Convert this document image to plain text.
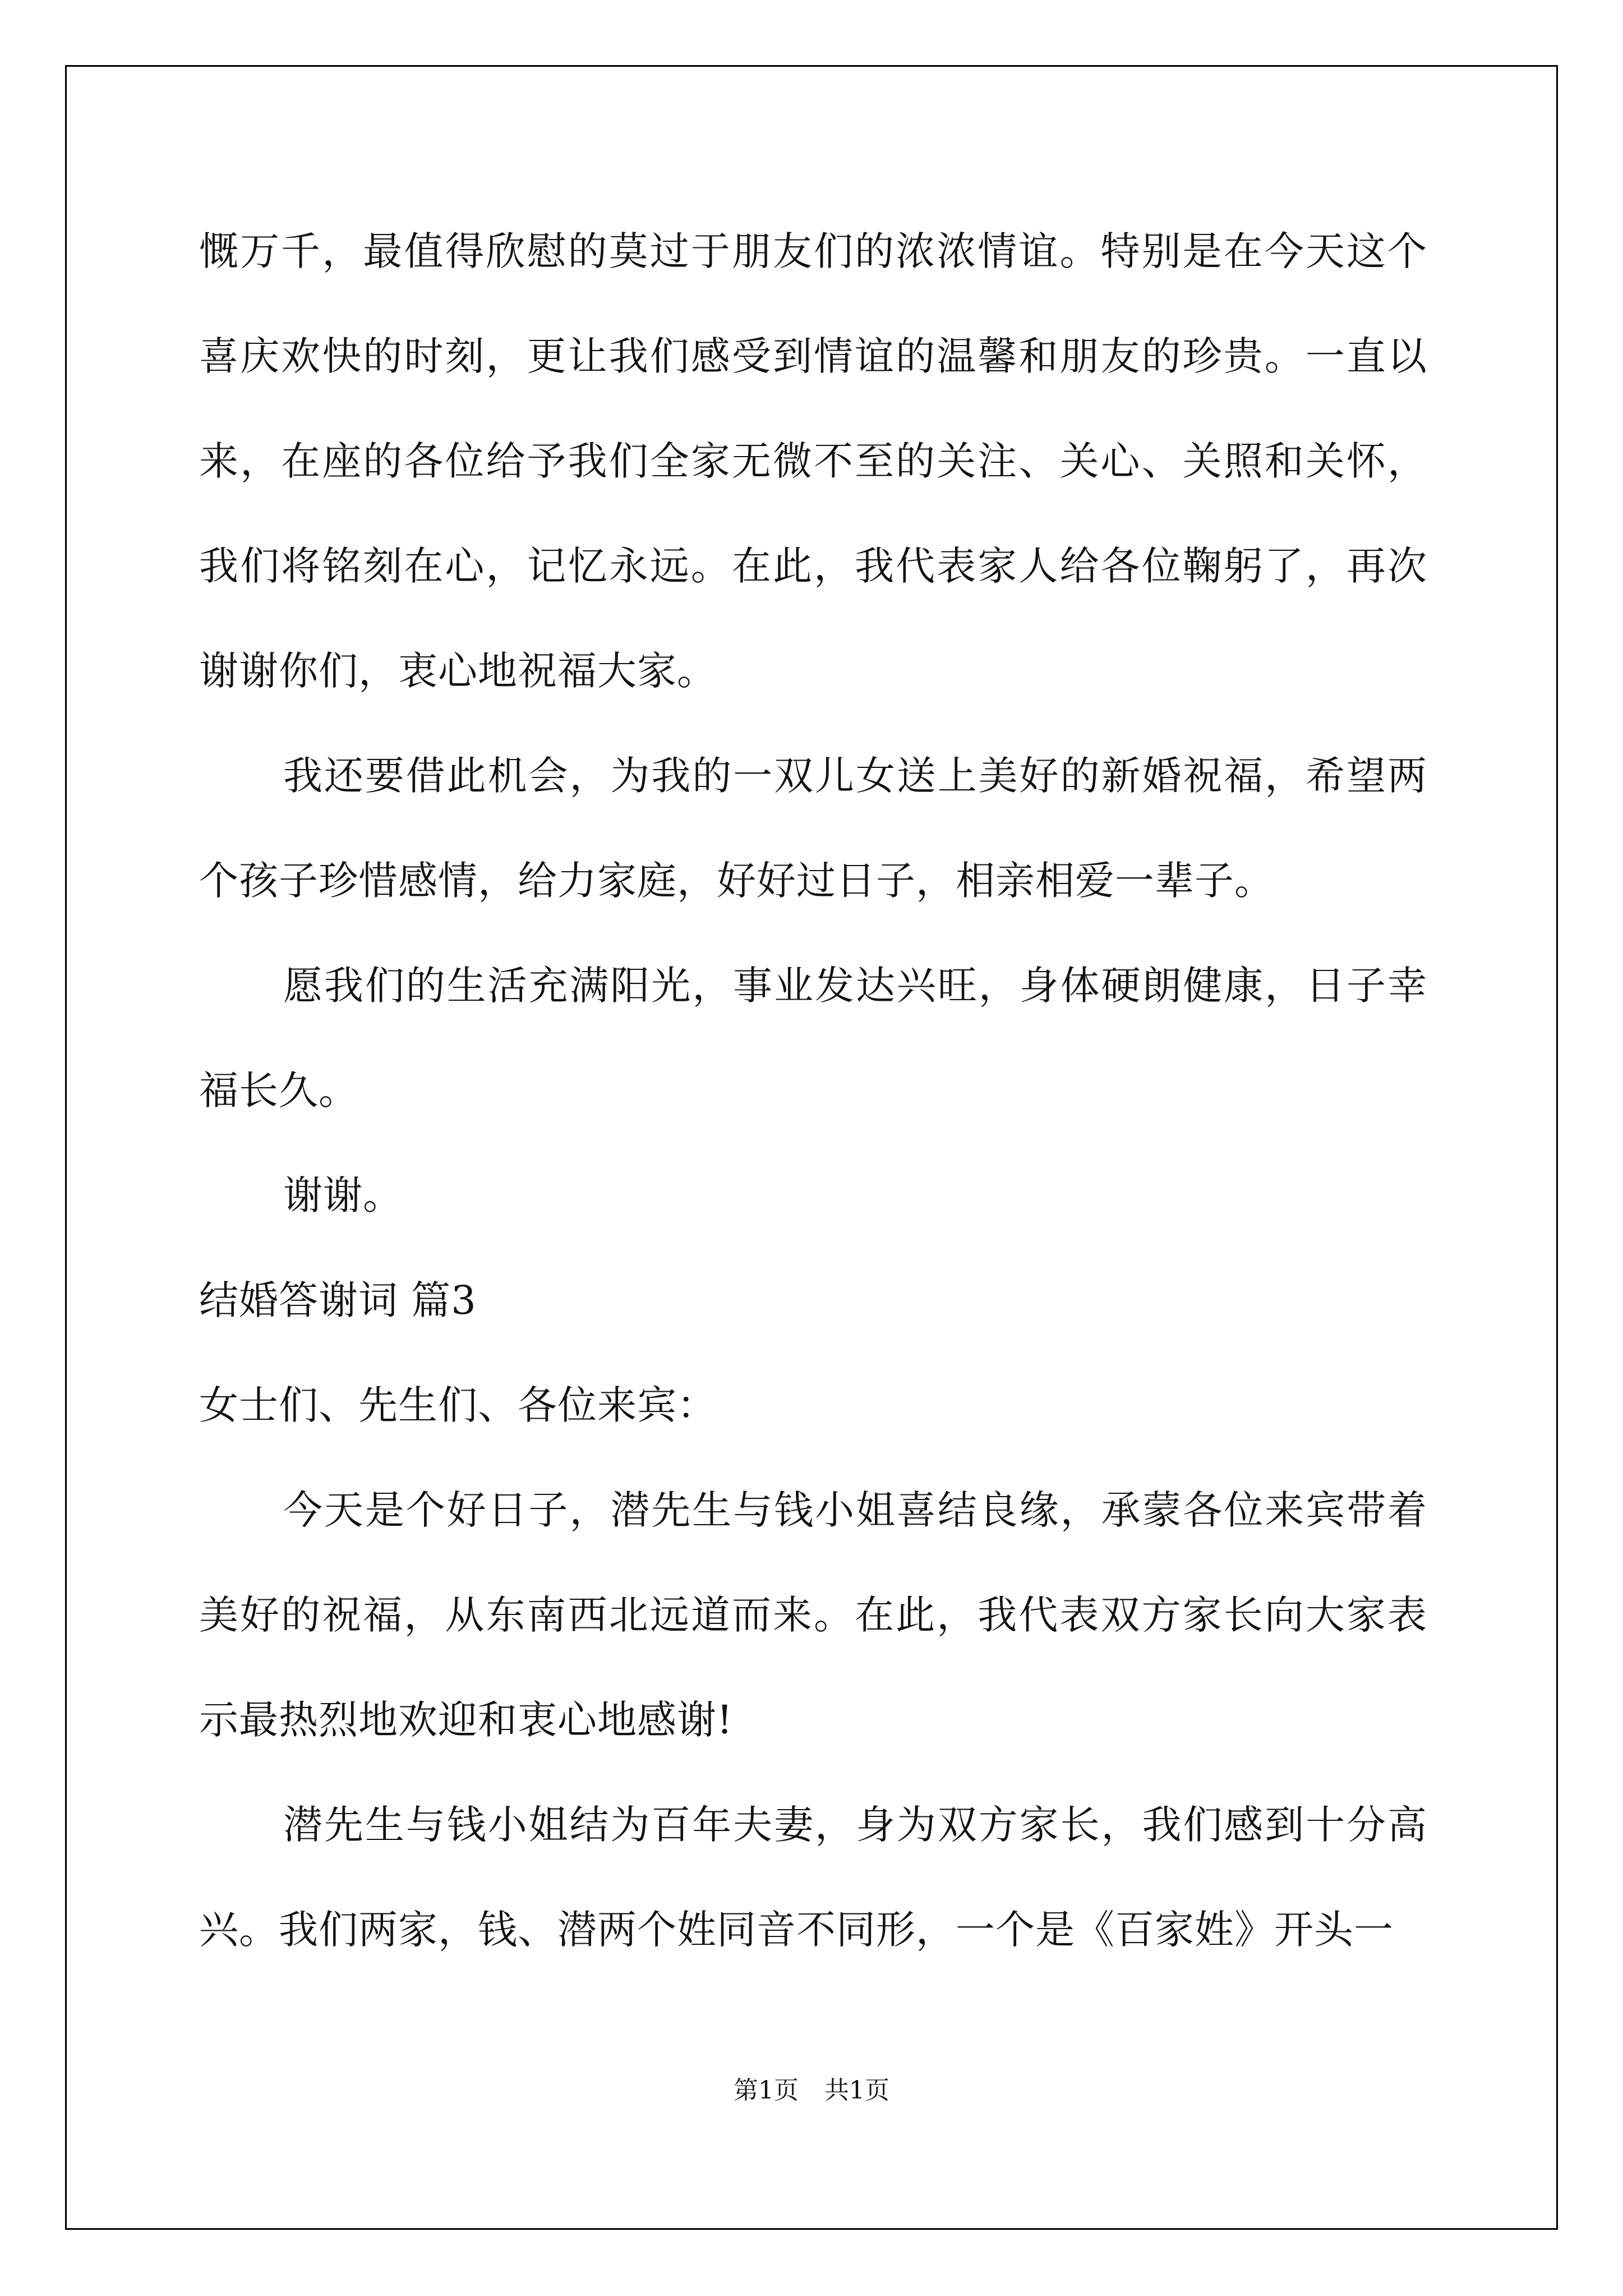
慨万千，最值得欣慰的莫过于朋友们的浓浓情谊。特别是在今天这个喜庆欢快的时刻，更让我们感受到情谊的温馨和朋友的珍贵。一直以来，在座的各位给予我们全家无微不至的关注、关心、关照和关怀，我们将铭刻在心，记忆永远。在此，我代表家人给各位鞠躬了，再次谢谢你们，衷心地祝福大家。

我还要借此机会，为我的一双儿女送上美好的新婚祝福，希望两个孩子珍惜感情，给力家庭，好好过日子，相亲相爱一辈子。

愿我们的生活充满阳光，事业发达兴旺，身体硬朗健康，日子幸福长久。

谢谢。

结婚答谢词 篇3

女士们、先生们、各位来宾：

今天是个好日子，潜先生与钱小姐喜结良缘，承蒙各位来宾带着美好的祝福，从东南西北远道而来。在此，我代表双方家长向大家表示最热烈地欢迎和衷心地感谢!

潜先生与钱小姐结为百年夫妻，身为双方家长，我们感到十分高兴。我们两家，钱、潜两个姓同音不同形，一个是《百家姓》开头一

第1页 共1页
